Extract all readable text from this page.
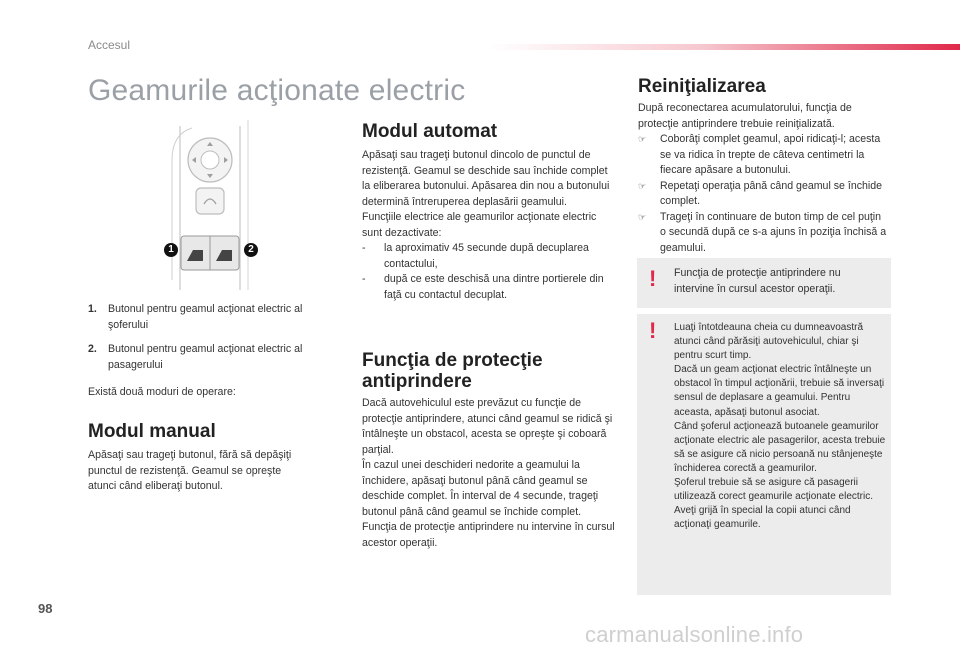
Accesul
Geamurile acţionate electric
1	2
1. Butonul pentru geamul acţionat electric al şoferului
2. Butonul pentru geamul acţionat electric al pasagerului
Există două moduri de operare:
Modul manual
Apăsaţi sau trageţi butonul, fără să depăşiţi punctul de rezistenţă. Geamul se opreşte atunci când eliberaţi butonul.
Modul automat

Apăsaţi sau trageţi butonul dincolo de punctul de rezistenţă. Geamul se deschide sau închide complet la eliberarea butonului. Apăsarea din nou a butonului determină întreruperea deplasării geamului.

Funcţiile electrice ale geamurilor acţionate electric sunt dezactivate:

- la aproximativ 45 secunde după decuplarea contactului,
- după ce este deschisă una dintre portierele din faţă cu contactul decuplat.
Funcţia de protecţie antiprindere

Dacă autovehiculul este prevăzut cu funcţie de protecţie antiprindere, atunci când geamul se ridică şi întâlneşte un obstacol, acesta se opreşte şi coboară parţial.

În cazul unei deschideri nedorite a geamului la închidere, apăsaţi butonul până când geamul se deschide complet. În interval de 4 secunde, trageţi butonul până când geamul se închide complet.

Funcţia de protecţie antiprindere nu intervine în cursul acestor operaţii.

Reiniţializarea

După reconectarea acumulatorului, funcţia de protecţie antiprindere trebuie reiniţializată.

☞ Coborâţi complet geamul, apoi ridicaţi-l; acesta se va ridica în trepte de câteva centimetri la fiecare apăsare a butonului.
☞ Repetaţi operaţia până când geamul se închide complet.
☞ Trageţi în continuare de buton timp de cel puţin o secundă după ce s-a ajuns în poziţia închisă a geamului.
! Funcţia de protecţie antiprindere nu intervine în cursul acestor operaţii.
! Luaţi întotdeauna cheia cu dumneavoastră atunci când părăsiţi autovehiculul, chiar şi pentru scurt timp.
Dacă un geam acţionat electric întâlneşte un obstacol în timpul acţionării, trebuie să inversaţi sensul de deplasare a geamului. Pentru aceasta, apăsaţi butonul asociat.
Când şoferul acţionează butoanele geamurilor acţionate electric ale pasagerilor, acesta trebuie să se asigure că nicio persoană nu stânjeneşte închiderea corectă a geamurilor.
Şoferul trebuie să se asigure că pasagerii utilizează corect geamurile acţionate electric.
Aveţi grijă în special la copii atunci când acţionaţi geamurile.
98
carmanualsonline.info
